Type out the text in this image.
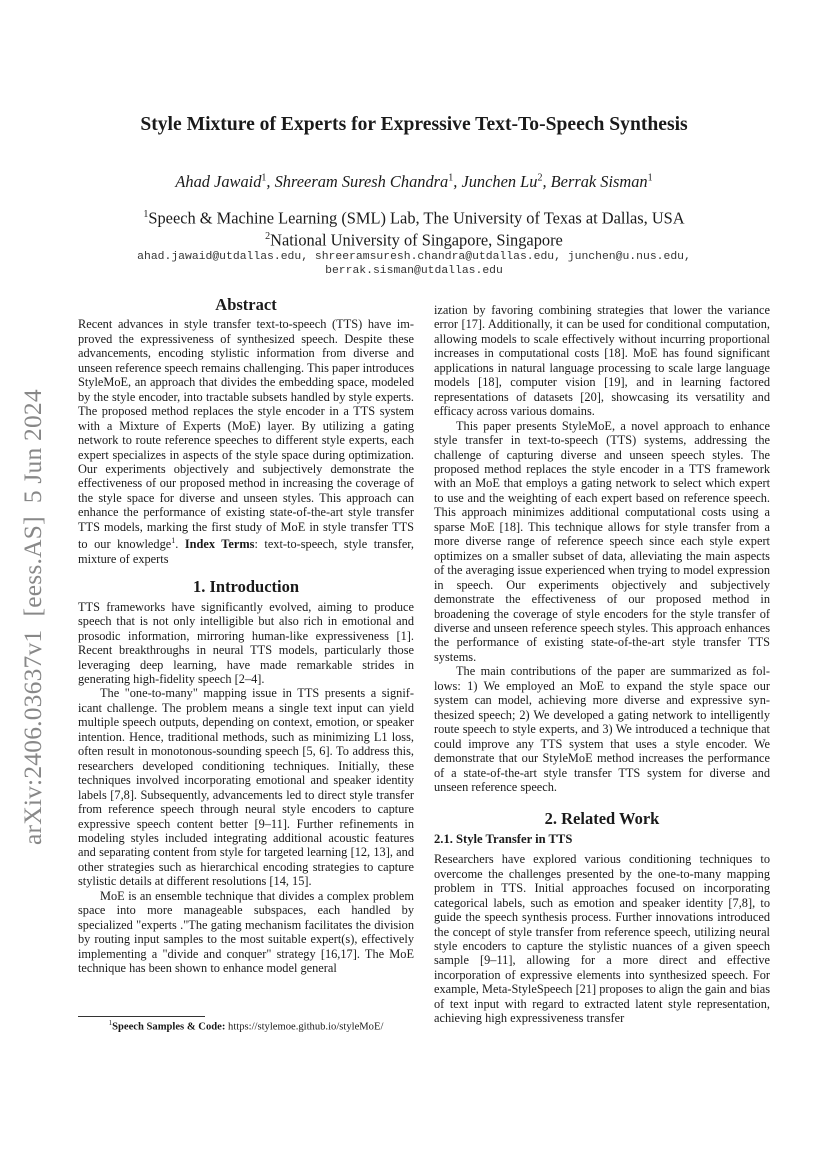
arXiv:2406.03637v1  [eess.AS]  5 Jun 2024
Style Mixture of Experts for Expressive Text-To-Speech Synthesis
Ahad Jawaid$^1$, Shreeram Suresh Chandra$^1$, Junchen Lu$^2$, Berrak Sisman$^1$
$^1$Speech & Machine Learning (SML) Lab, The University of Texas at Dallas, USA
$^2$National University of Singapore, Singapore
ahad.jawaid@utdallas.edu, shreeramsuresh.chandra@utdallas.edu, junchen@u.nus.edu,
berrak.sisman@utdallas.edu
Abstract

Recent advances in style transfer text-to-speech (TTS) have improved the expressiveness of synthesized speech. Despite these advancements, encoding stylistic information from diverse and unseen reference speech remains challenging. This paper introduces StyleMoE, an approach that divides the embedding space, modeled by the style encoder, into tractable subsets handled by style experts. The proposed method replaces the style encoder in a TTS system with a Mixture of Experts (MoE) layer. By utilizing a gating network to route reference speeches to different style experts, each expert specializes in aspects of the style space during optimization. Our experiments objectively and subjectively demonstrate the effectiveness of our proposed method in increasing the coverage of the style space for diverse and unseen styles. This approach can enhance the performance of existing state-of-the-art style transfer TTS models, marking the first study of MoE in style transfer TTS to our knowledge$^1$. Index Terms: text-to-speech, style transfer, mixture of experts

1. Introduction

TTS frameworks have significantly evolved, aiming to produce speech that is not only intelligible but also rich in emotional and prosodic information, mirroring human-like expressiveness [1]. Recent breakthroughs in neural TTS models, particularly those leveraging deep learning, have made remarkable strides in generating high-fidelity speech [2–4].

The "one-to-many" mapping issue in TTS presents a significant challenge. The problem means a single text input can yield multiple speech outputs, depending on context, emotion, or speaker intention. Hence, traditional methods, such as minimizing L1 loss, often result in monotonous-sounding speech [5, 6]. To address this, researchers developed conditioning techniques. Initially, these techniques involved incorporating emotional and speaker identity labels [7,8]. Subsequently, advancements led to direct style transfer from reference speech through neural style encoders to capture expressive speech content better [9–11]. Further refinements in modeling styles included integrating additional acoustic features and separating content from style for targeted learning [12, 13], and other strategies such as hierarchical encoding strategies to capture stylistic details at different resolutions [14, 15].

MoE is an ensemble technique that divides a complex problem space into more manageable subspaces, each handled by specialized "experts ."The gating mechanism facilitates the division by routing input samples to the most suitable expert(s), effectively implementing a "divide and conquer" strategy [16,17]. The MoE technique has been shown to enhance model general

$^1$Speech Samples & Code: https://stylemoe.github.io/styleMoE/

ization by favoring combining strategies that lower the variance error [17]. Additionally, it can be used for conditional computation, allowing models to scale effectively without incurring proportional increases in computational costs [18]. MoE has found significant applications in natural language processing to scale large language models [18], computer vision [19], and in learning factored representations of datasets [20], showcasing its versatility and efficacy across various domains.

This paper presents StyleMoE, a novel approach to enhance style transfer in text-to-speech (TTS) systems, addressing the challenge of capturing diverse and unseen speech styles. The proposed method replaces the style encoder in a TTS framework with an MoE that employs a gating network to select which expert to use and the weighting of each expert based on reference speech. This approach minimizes additional computational costs using a sparse MoE [18]. This technique allows for style transfer from a more diverse range of reference speech since each style expert optimizes on a smaller subset of data, alleviating the main aspects of the averaging issue experienced when trying to model expression in speech. Our experiments objectively and subjectively demonstrate the effectiveness of our proposed method in broadening the coverage of style encoders for the style transfer of diverse and unseen reference speech styles. This approach enhances the performance of existing state-of-the-art style transfer TTS systems.

The main contributions of the paper are summarized as follows: 1) We employed an MoE to expand the style space our system can model, achieving more diverse and expressive synthesized speech; 2) We developed a gating network to intelligently route speech to style experts, and 3) We introduced a technique that could improve any TTS system that uses a style encoder. We demonstrate that our StyleMoE method increases the performance of a state-of-the-art style transfer TTS system for diverse and unseen reference speech.

2. Related Work
2.1. Style Transfer in TTS

Researchers have explored various conditioning techniques to overcome the challenges presented by the one-to-many mapping problem in TTS. Initial approaches focused on incorporating categorical labels, such as emotion and speaker identity [7,8], to guide the speech synthesis process. Further innovations introduced the concept of style transfer from reference speech, utilizing neural style encoders to capture the stylistic nuances of a given speech sample [9–11], allowing for a more direct and effective incorporation of expressive elements into synthesized speech. For example, Meta-StyleSpeech [21] proposes to align the gain and bias of text input with regard to extracted latent style representation, achieving high expressiveness transfer
